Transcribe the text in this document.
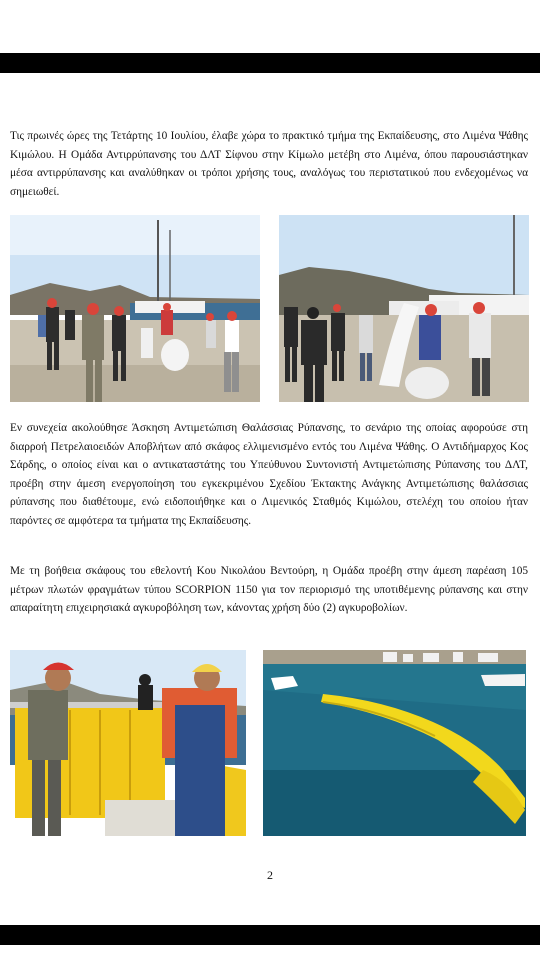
Τις πρωινές ώρες της Τετάρτης 10 Ιουλίου, έλαβε χώρα το πρακτικό τμήμα της Εκπαίδευσης, στο Λιμένα Ψάθης Κιμώλου. Η Ομάδα Αντιρρύπανσης του ΔΛΤ Σίφνου στην Κίμωλο μετέβη στο Λιμένα, όπου παρουσιάστηκαν μέσα αντιρρύπανσης και αναλύθηκαν οι τρόποι χρήσης τους, αναλόγως του περιστατικού που ενδεχομένως να σημειωθεί.

Εν συνεχεία ακολούθησε Άσκηση Αντιμετώπιση Θαλάσσιας Ρύπανσης, το σενάριο της οποίας αφορούσε στη διαρροή Πετρελαιοειδών Αποβλήτων από σκάφος ελλιμενισμένο εντός του Λιμένα Ψάθης. Ο Αντιδήμαρχος Κος Σάρδης, ο οποίος είναι και ο αντικαταστάτης του Υπεύθυνου Συντονιστή Αντιμετώπισης Ρύπανσης του ΔΛΤ, προέβη στην άμεση ενεργοποίηση του εγκεκριμένου Σχεδίου Έκτακτης Ανάγκης Αντιμετώπισης θαλάσσιας ρύπανσης που διαθέτουμε, ενώ ειδοποιήθηκε και ο Λιμενικός Σταθμός Κιμώλου, στελέχη του οποίου ήταν παρόντες σε αμφότερα τα τμήματα της Εκπαίδευσης.

Με τη βοήθεια σκάφους του εθελοντή Κου Νικολάου Βεντούρη, η Ομάδα προέβη στην άμεση παρέαση 105 μέτρων πλωτών φραγμάτων τύπου SCORPION 1150 για τον περιορισμό της υποτιθέμενης ρύπανσης και στην απαραίτητη επιχειρησιακά αγκυροβόληση των, κάνοντας χρήση δύο (2) αγκυροβολίων.

2
